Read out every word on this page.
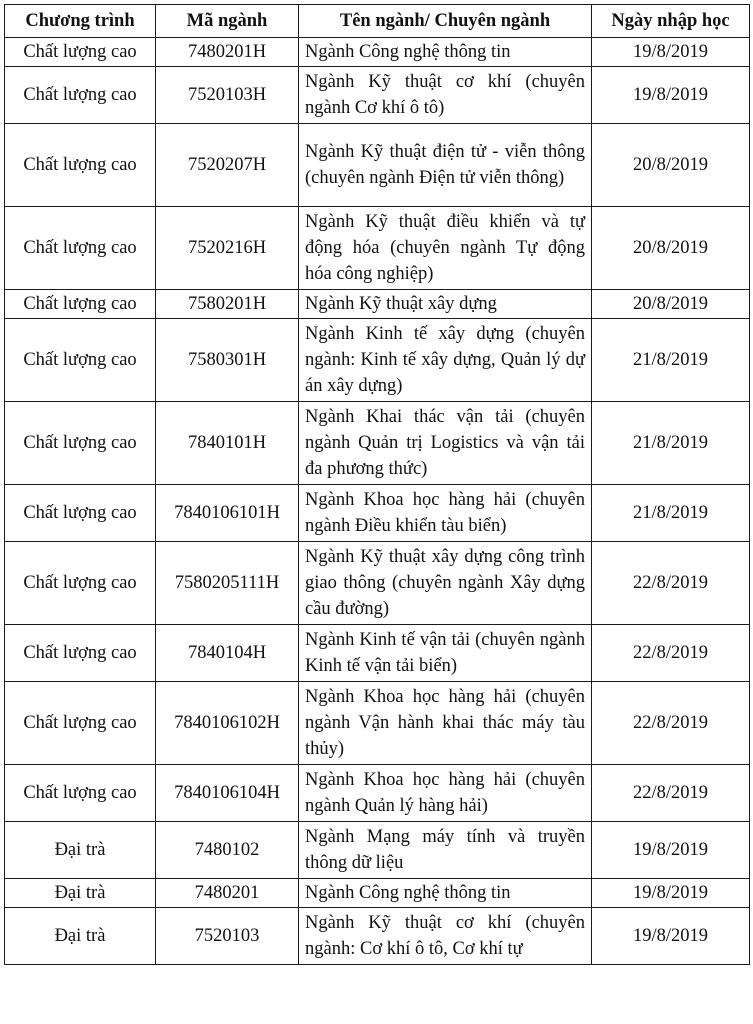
Chương trình	Mã ngành	Tên ngành/ Chuyên ngành	Ngày nhập học
Chất lượng cao	7480201H	Ngành Công nghệ thông tin	19/8/2019
Chất lượng cao	7520103H	Ngành Kỹ thuật cơ khí (chuyên ngành Cơ khí ô tô)	19/8/2019
Chất lượng cao	7520207H	Ngành Kỹ thuật điện tử - viễn thông (chuyên ngành Điện tử viễn thông)	20/8/2019
Chất lượng cao	7520216H	Ngành Kỹ thuật điều khiển và tự động hóa (chuyên ngành Tự động hóa công nghiệp)	20/8/2019
Chất lượng cao	7580201H	Ngành Kỹ thuật xây dựng	20/8/2019
Chất lượng cao	7580301H	Ngành Kinh tế xây dựng (chuyên ngành: Kinh tế xây dựng, Quản lý dự án xây dựng)	21/8/2019
Chất lượng cao	7840101H	Ngành Khai thác vận tải (chuyên ngành Quản trị Logistics và vận tải đa phương thức)	21/8/2019
Chất lượng cao	7840106101H	Ngành Khoa học hàng hải (chuyên ngành Điều khiển tàu biển)	21/8/2019
Chất lượng cao	7580205111H	Ngành Kỹ thuật xây dựng công trình giao thông (chuyên ngành Xây dựng cầu đường)	22/8/2019
Chất lượng cao	7840104H	Ngành Kinh tế vận tải (chuyên ngành Kinh tế vận tải biển)	22/8/2019
Chất lượng cao	7840106102H	Ngành Khoa học hàng hải (chuyên ngành Vận hành khai thác máy tàu thủy)	22/8/2019
Chất lượng cao	7840106104H	Ngành Khoa học hàng hải (chuyên ngành Quản lý hàng hải)	22/8/2019
Đại trà	7480102	Ngành Mạng máy tính và truyền thông dữ liệu	19/8/2019
Đại trà	7480201	Ngành Công nghệ thông tin	19/8/2019
Đại trà	7520103	Ngành Kỹ thuật cơ khí (chuyên ngành: Cơ khí ô tô, Cơ khí tự	19/8/2019
